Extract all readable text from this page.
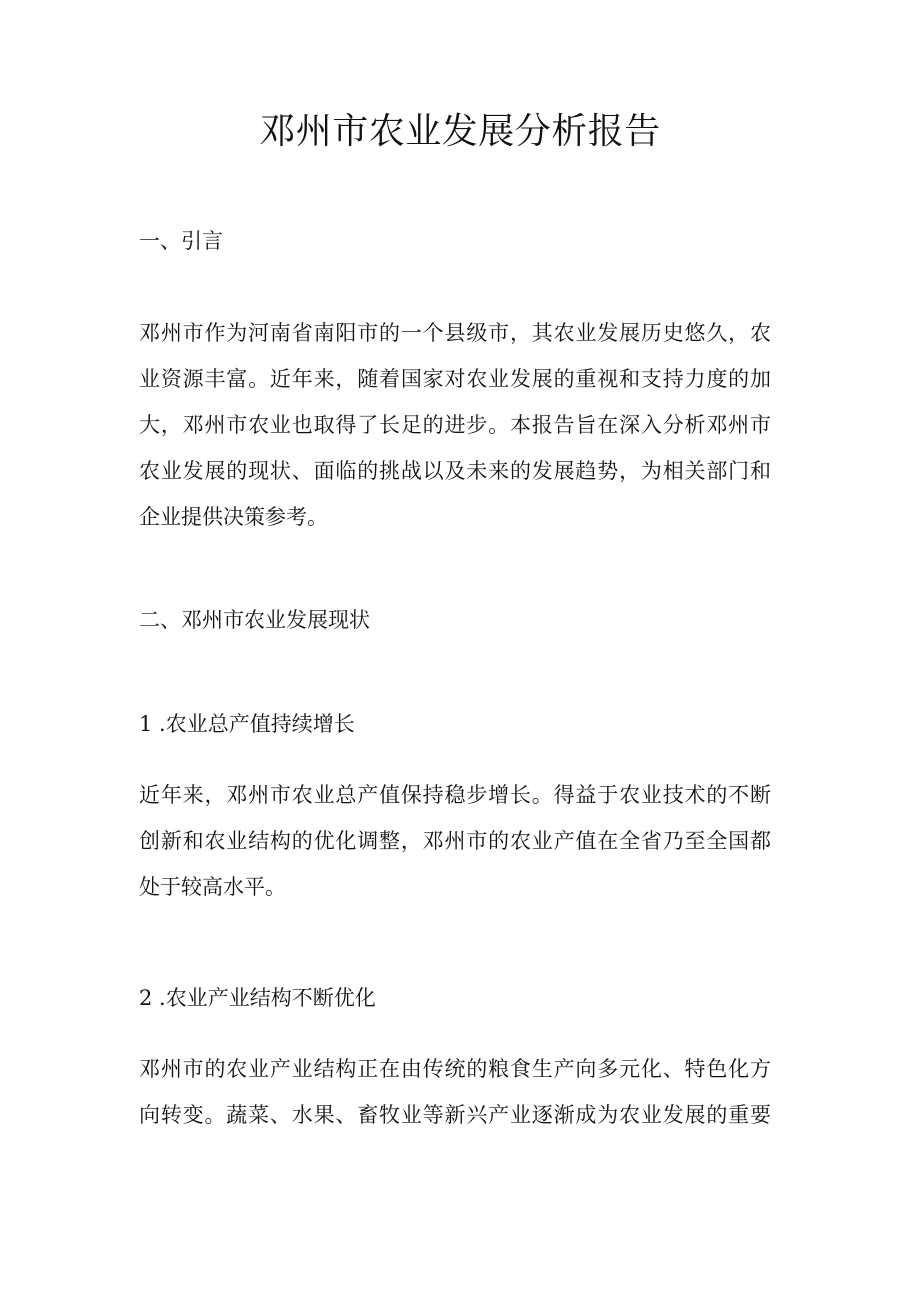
邓州市农业发展分析报告
一、引言

邓州市作为河南省南阳市的一个县级市，其农业发展历史悠久，农
业资源丰富。近年来，随着国家对农业发展的重视和支持力度的加
大，邓州市农业也取得了长足的进步。本报告旨在深入分析邓州市
农业发展的现状、面临的挑战以及未来的发展趋势，为相关部门和
企业提供决策参考。

二、邓州市农业发展现状
1 .农业总产值持续增长

近年来，邓州市农业总产值保持稳步增长。得益于农业技术的不断
创新和农业结构的优化调整，邓州市的农业产值在全省乃至全国都
处于较高水平。

2 .农业产业结构不断优化

邓州市的农业产业结构正在由传统的粮食生产向多元化、特色化方
向转变。蔬菜、水果、畜牧业等新兴产业逐渐成为农业发展的重要
